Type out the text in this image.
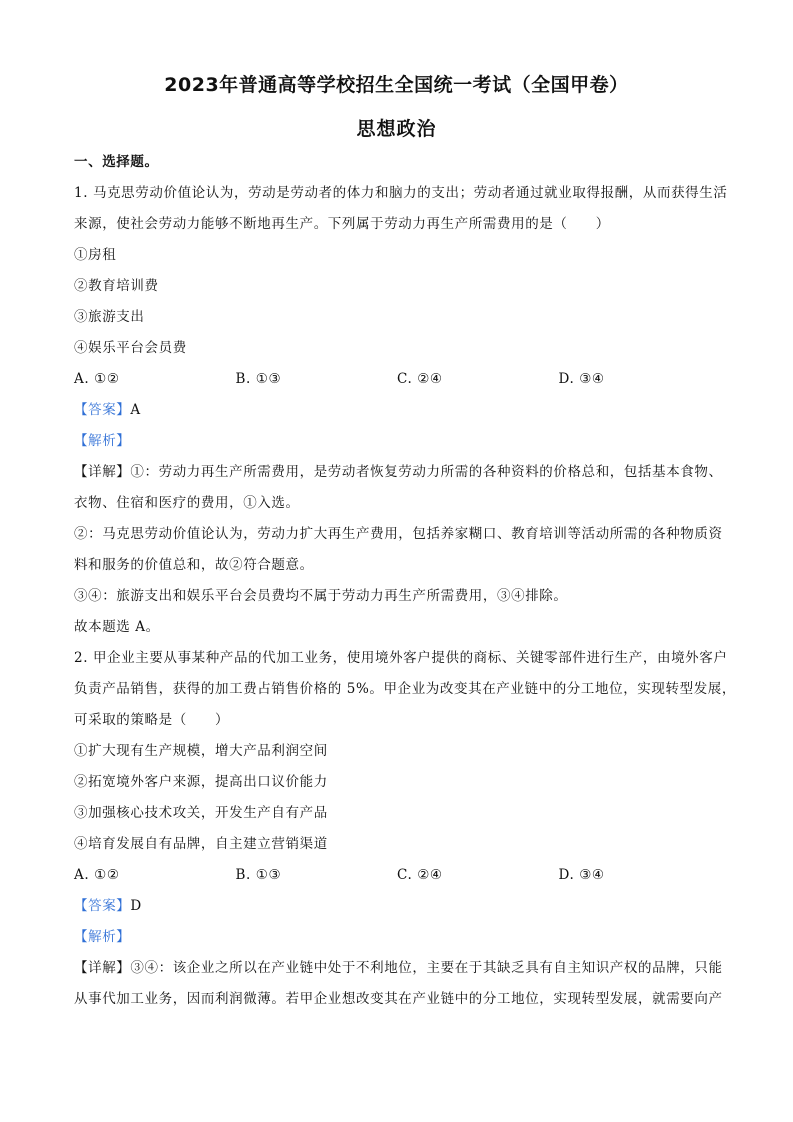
2023年普通高等学校招生全国统一考试（全国甲卷）
思想政治
一、选择题。
1. 马克思劳动价值论认为，劳动是劳动者的体力和脑力的支出；劳动者通过就业取得报酬，从而获得生活
来源，使社会劳动力能够不断地再生产。下列属于劳动力再生产所需费用的是（　　）
①房租
②教育培训费
③旅游支出
④娱乐平台会员费
A. ①②	B. ①③	C. ②④	D. ③④
【答案】A
【解析】
【详解】①：劳动力再生产所需费用，是劳动者恢复劳动力所需的各种资料的价格总和，包括基本食物、
衣物、住宿和医疗的费用，①入选。
②：马克思劳动价值论认为，劳动力扩大再生产费用，包括养家糊口、教育培训等活动所需的各种物质资
料和服务的价值总和，故②符合题意。
③④：旅游支出和娱乐平台会员费均不属于劳动力再生产所需费用，③④排除。
故本题选 A。
2. 甲企业主要从事某种产品的代加工业务，使用境外客户提供的商标、关键零部件进行生产，由境外客户
负责产品销售，获得的加工费占销售价格的 5%。甲企业为改变其在产业链中的分工地位，实现转型发展，
可采取的策略是（　　）
①扩大现有生产规模，增大产品利润空间
②拓宽境外客户来源，提高出口议价能力
③加强核心技术攻关，开发生产自有产品
④培育发展自有品牌，自主建立营销渠道
A. ①②	B. ①③	C. ②④	D. ③④
【答案】D
【解析】
【详解】③④：该企业之所以在产业链中处于不利地位，主要在于其缺乏具有自主知识产权的品牌，只能
从事代加工业务，因而利润微薄。若甲企业想改变其在产业链中的分工地位，实现转型发展，就需要向产
